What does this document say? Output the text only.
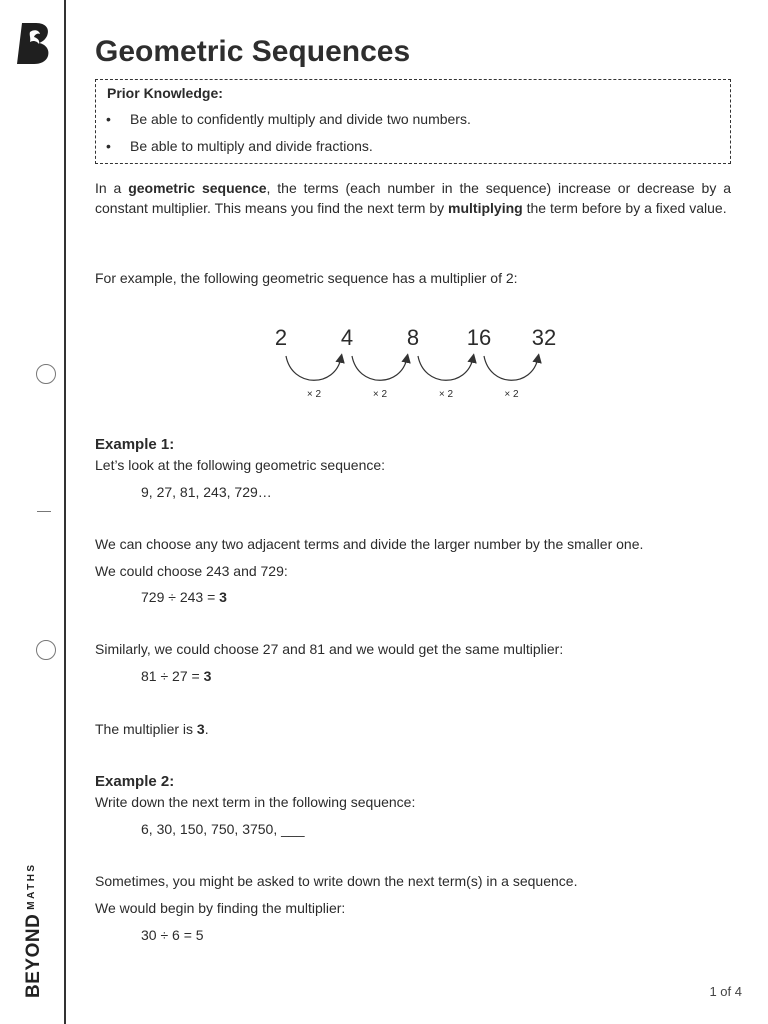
$BEYOND^{MATHS}$
Geometric Sequences
Prior Knowledge:
• Be able to confidently multiply and divide two numbers.
• Be able to multiply and divide fractions.

In a geometric sequence, the terms (each number in the sequence) increase or decrease by a constant multiplier. This means you find the next term by multiplying the term before by a fixed value.

For example, the following geometric sequence has a multiplier of 2:
2 4 8 16 32
× 2	× 2	× 2	× 2
Example 1:
Let’s look at the following geometric sequence:
9, 27, 81, 243, 729…
We can choose any two adjacent terms and divide the larger number by the smaller one.
We could choose 243 and 729:
729 ÷ 243 = 3
Similarly, we could choose 27 and 81 and we would get the same multiplier:
81 ÷ 27 = 3
The multiplier is 3.
Example 2:
Write down the next term in the following sequence:
6, 30, 150, 750, 3750, ___
Sometimes, you might be asked to write down the next term(s) in a sequence.
We would begin by finding the multiplier:
30 ÷ 6 = 5
1 of 4
